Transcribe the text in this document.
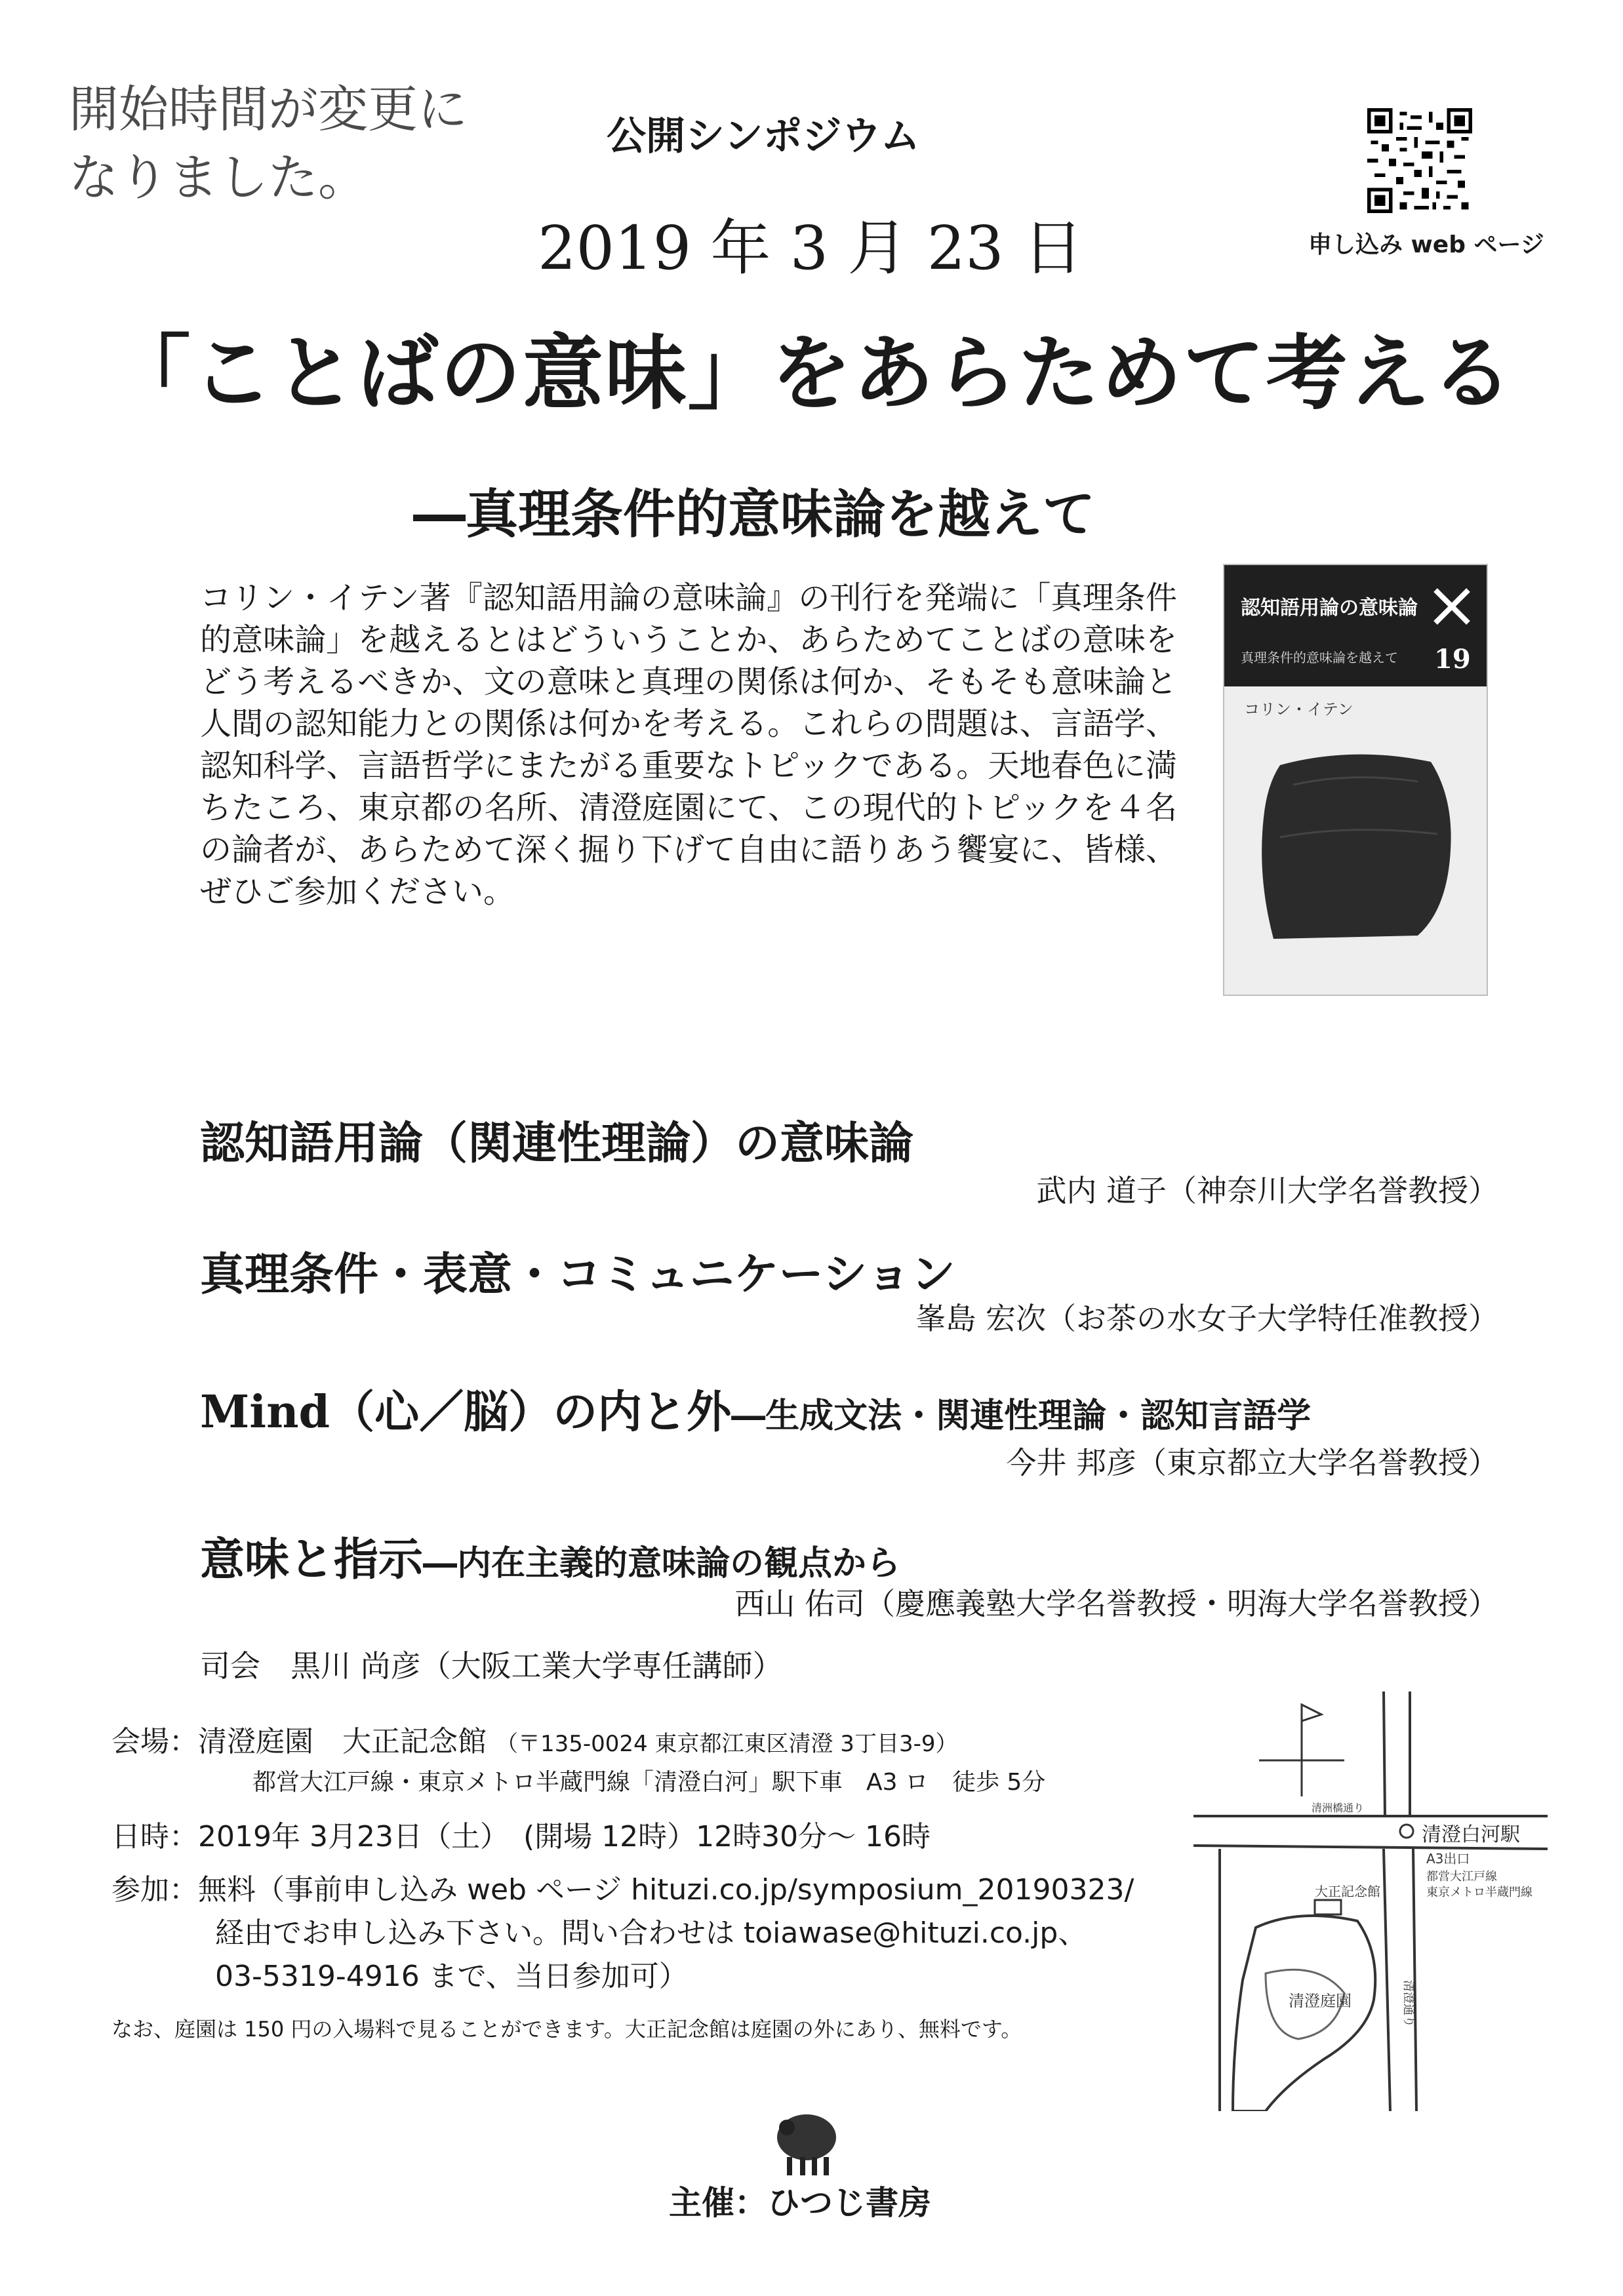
開始時間が変更に
なりました。
公開シンポジウム
2019 年 3 月 23 日	申し込み web ページ
「ことばの意味」をあらためて考える
―真理条件的意味論を越えて
コリン・イテン著『認知語用論の意味論』の刊行を発端に「真理条件的意味論」を越えるとはどういうことか、あらためてことばの意味をどう考えるべきか、文の意味と真理の関係は何か、そもそも意味論と人間の認知能力との関係は何かを考える。これらの問題は、言語学、認知科学、言語哲学にまたがる重要なトピックである。天地春色に満ちたころ、東京都の名所、清澄庭園にて、この現代的トピックを４名の論者が、あらためて深く掘り下げて自由に語りあう饗宴に、皆様、ぜひご参加ください。
認知語用論の意味論
真理条件的意味論を越えて 19
コリン・イテン
認知語用論（関連性理論）の意味論
武内 道子（神奈川大学名誉教授）
真理条件・表意・コミュニケーション
峯島 宏次（お茶の水女子大学特任准教授）
Mind（心／脳）の内と外―生成文法・関連性理論・認知言語学
今井 邦彦（東京都立大学名誉教授）
意味と指示―内在主義的意味論の観点から
西山 佑司（慶應義塾大学名誉教授・明海大学名誉教授）
司会　黒川 尚彦（大阪工業大学専任講師）
会場：清澄庭園　大正記念館 （〒135-0024 東京都江東区清澄 3丁目3-9）
都営大江戸線・東京メトロ半蔵門線「清澄白河」駅下車　A3 ロ　徒歩 5分
日時：2019年 3月23日（土）　(開場 12時）12時30分～ 16時
参加：無料（事前申し込み web ページ hituzi.co.jp/symposium_20190323/
経由でお申し込み下さい。問い合わせは toiawase@hituzi.co.jp、
03-5319-4916 まで、当日参加可）
なお、庭園は 150 円の入場料で見ることができます。大正記念館は庭園の外にあり、無料です。
清澄白河駅
A3出口
都営大江戸線
東京メトロ半蔵門線
大正記念館
清澄庭園
清洲橋通り
清澄通り
主催：ひつじ書房
